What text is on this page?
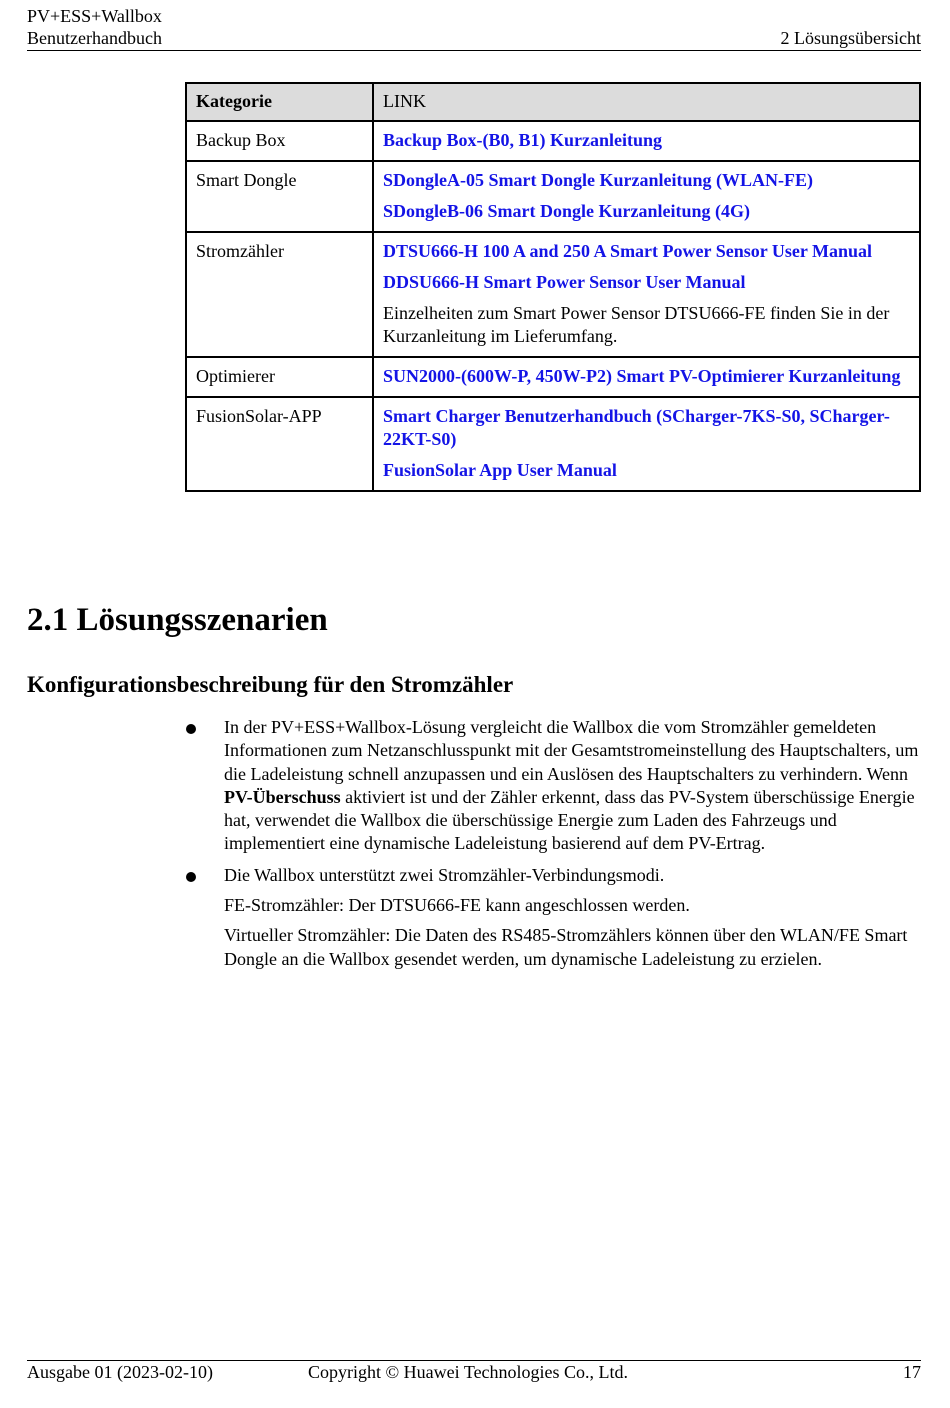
PV+ESS+Wallbox
Benutzerhandbuch	2 Lösungsübersicht
Kategorie	LINK
Backup Box	Backup Box-(B0, B1) Kurzanleitung

Smart Dongle	SDongleA-05 Smart Dongle Kurzanleitung (WLAN-FE)
SDongleB-06 Smart Dongle Kurzanleitung (4G)

Stromzähler	DTSU666-H 100 A and 250 A Smart Power Sensor User Manual
DDSU666-H Smart Power Sensor User Manual
Einzelheiten zum Smart Power Sensor DTSU666-FE finden Sie in der Kurzanleitung im Lieferumfang.

Optimierer	SUN2000-(600W-P, 450W-P2) Smart PV-Optimierer Kurzanleitung

FusionSolar-APP	Smart Charger Benutzerhandbuch (SCharger-7KS-S0, SCharger-22KT-S0)
FusionSolar App User Manual
2.1 Lösungsszenarien
Konfigurationsbeschreibung für den Stromzähler
In der PV+ESS+Wallbox-Lösung vergleicht die Wallbox die vom Stromzähler gemeldeten Informationen zum Netzanschlusspunkt mit der Gesamtstromeinstellung des Hauptschalters, um die Ladeleistung schnell anzupassen und ein Auslösen des Hauptschalters zu verhindern. Wenn PV-Überschuss aktiviert ist und der Zähler erkennt, dass das PV-System überschüssige Energie hat, verwendet die Wallbox die überschüssige Energie zum Laden des Fahrzeugs und implementiert eine dynamische Ladeleistung basierend auf dem PV-Ertrag.
Die Wallbox unterstützt zwei Stromzähler-Verbindungsmodi.
FE-Stromzähler: Der DTSU666-FE kann angeschlossen werden.
Virtueller Stromzähler: Die Daten des RS485-Stromzählers können über den WLAN/FE Smart Dongle an die Wallbox gesendet werden, um dynamische Ladeleistung zu erzielen.
Ausgabe 01 (2023-02-10)	Copyright © Huawei Technologies Co., Ltd.	17
